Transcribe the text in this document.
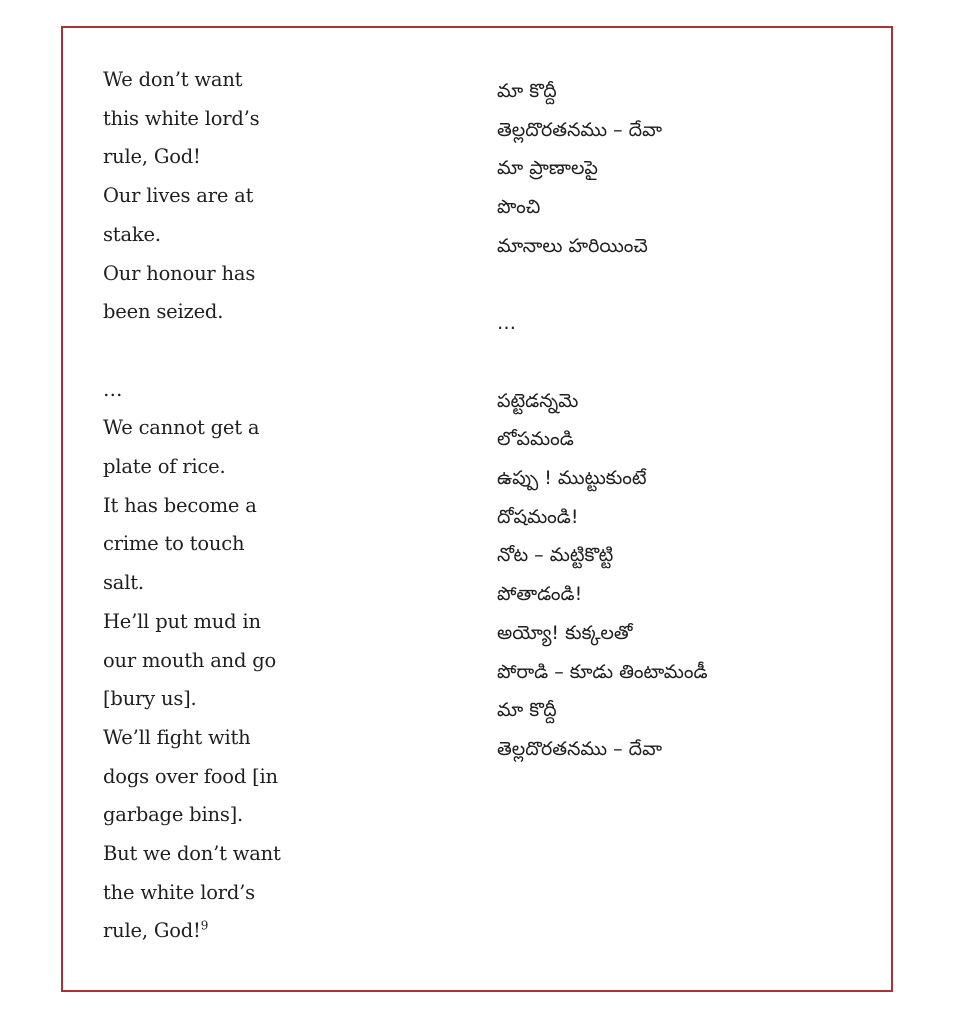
We don’t want
this white lord’s
rule, God!
Our lives are at
stake.
Our honour has
been seized.
…
We cannot get a
plate of rice.
It has become a
crime to touch
salt.
He’ll put mud in
our mouth and go
[bury us].
We’ll fight with
dogs over food [in
garbage bins].
But we don’t want
the white lord’s
rule, God!$^9$
మా కొద్దీ
తెల్లదొరతనము – దేవా
మా ప్రాణాలపై
పొంచి
మానాలు హరియించె
…
పట్టెడన్నమె
లోపమండి
ఉప్పు ! ముట్టుకుంటే
దోషమండి!
నోట – మట్టికొట్టి
పోతాడండి!
అయ్యో! కుక్కలతో
పోరాడి – కూడు తింటామండీ
మా కొద్దీ
తెల్లదొరతనము – దేవా
